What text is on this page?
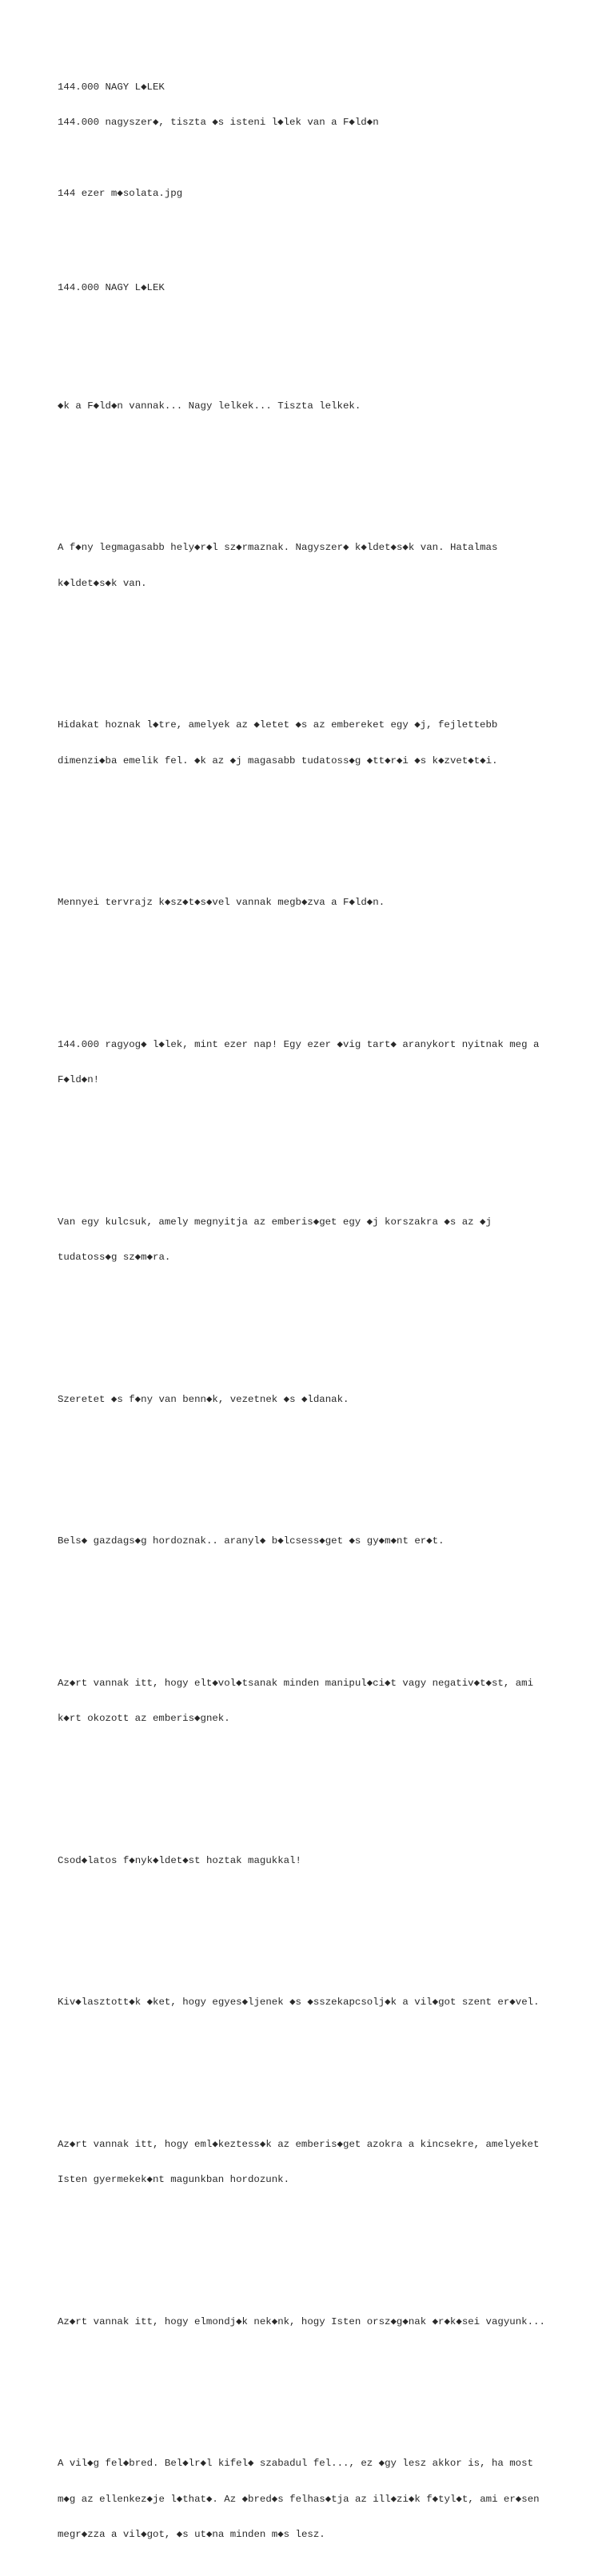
144.000 NAGY L◆LEK

144.000 nagyszer◆, tiszta ◆s isteni l◆lek van a F◆ld◆n

144 ezer m◆solata.jpg

144.000 NAGY L◆LEK

◆k a F◆ld◆n vannak... Nagy lelkek... Tiszta lelkek.

A f◆ny legmagasabb hely◆r◆l sz◆rmaznak. Nagyszer◆ k◆ldet◆s◆k van. Hatalmas

k◆ldet◆s◆k van.

Hidakat hoznak l◆tre, amelyek az ◆letet ◆s az embereket egy ◆j, fejlettebb

dimenzi◆ba emelik fel. ◆k az ◆j magasabb tudatoss◆g ◆tt◆r◆i ◆s k◆zvet◆t◆i.

Mennyei tervrajz k◆sz◆t◆s◆vel vannak megb◆zva a F◆ld◆n.

144.000 ragyog◆ l◆lek, mint ezer nap! Egy ezer ◆vig tart◆ aranykort nyitnak meg a

F◆ld◆n!

Van egy kulcsuk, amely megnyitja az emberis◆get egy ◆j korszakra ◆s az ◆j

tudatoss◆g sz◆m◆ra.

Szeretet ◆s f◆ny van benn◆k, vezetnek ◆s ◆ldanak.

Bels◆ gazdags◆g hordoznak.. aranyl◆ b◆lcsess◆get ◆s gy◆m◆nt er◆t.

Az◆rt vannak itt, hogy elt◆vol◆tsanak minden manipul◆ci◆t vagy negativ◆t◆st, ami

k◆rt okozott az emberis◆gnek.

Csod◆latos f◆nyk◆ldet◆st hoztak magukkal!

Kiv◆lasztott◆k ◆ket, hogy egyes◆ljenek ◆s ◆sszekapcsolj◆k a vil◆got szent er◆vel.

Az◆rt vannak itt, hogy eml◆keztess◆k az emberis◆get azokra a kincsekre, amelyeket

Isten gyermekek◆nt magunkban hordozunk.

Az◆rt vannak itt, hogy elmondj◆k nek◆nk, hogy Isten orsz◆g◆nak ◆r◆k◆sei vagyunk...

A vil◆g fel◆bred. Bel◆lr◆l kifel◆ szabadul fel..., ez ◆gy lesz akkor is, ha most

m◆g az ellenkez◆je l◆that◆. Az ◆bred◆s felhas◆tja az ill◆zi◆k f◆tyl◆t, ami er◆sen

megr◆zza a vil◆got, ◆s ut◆na minden m◆s lesz.
